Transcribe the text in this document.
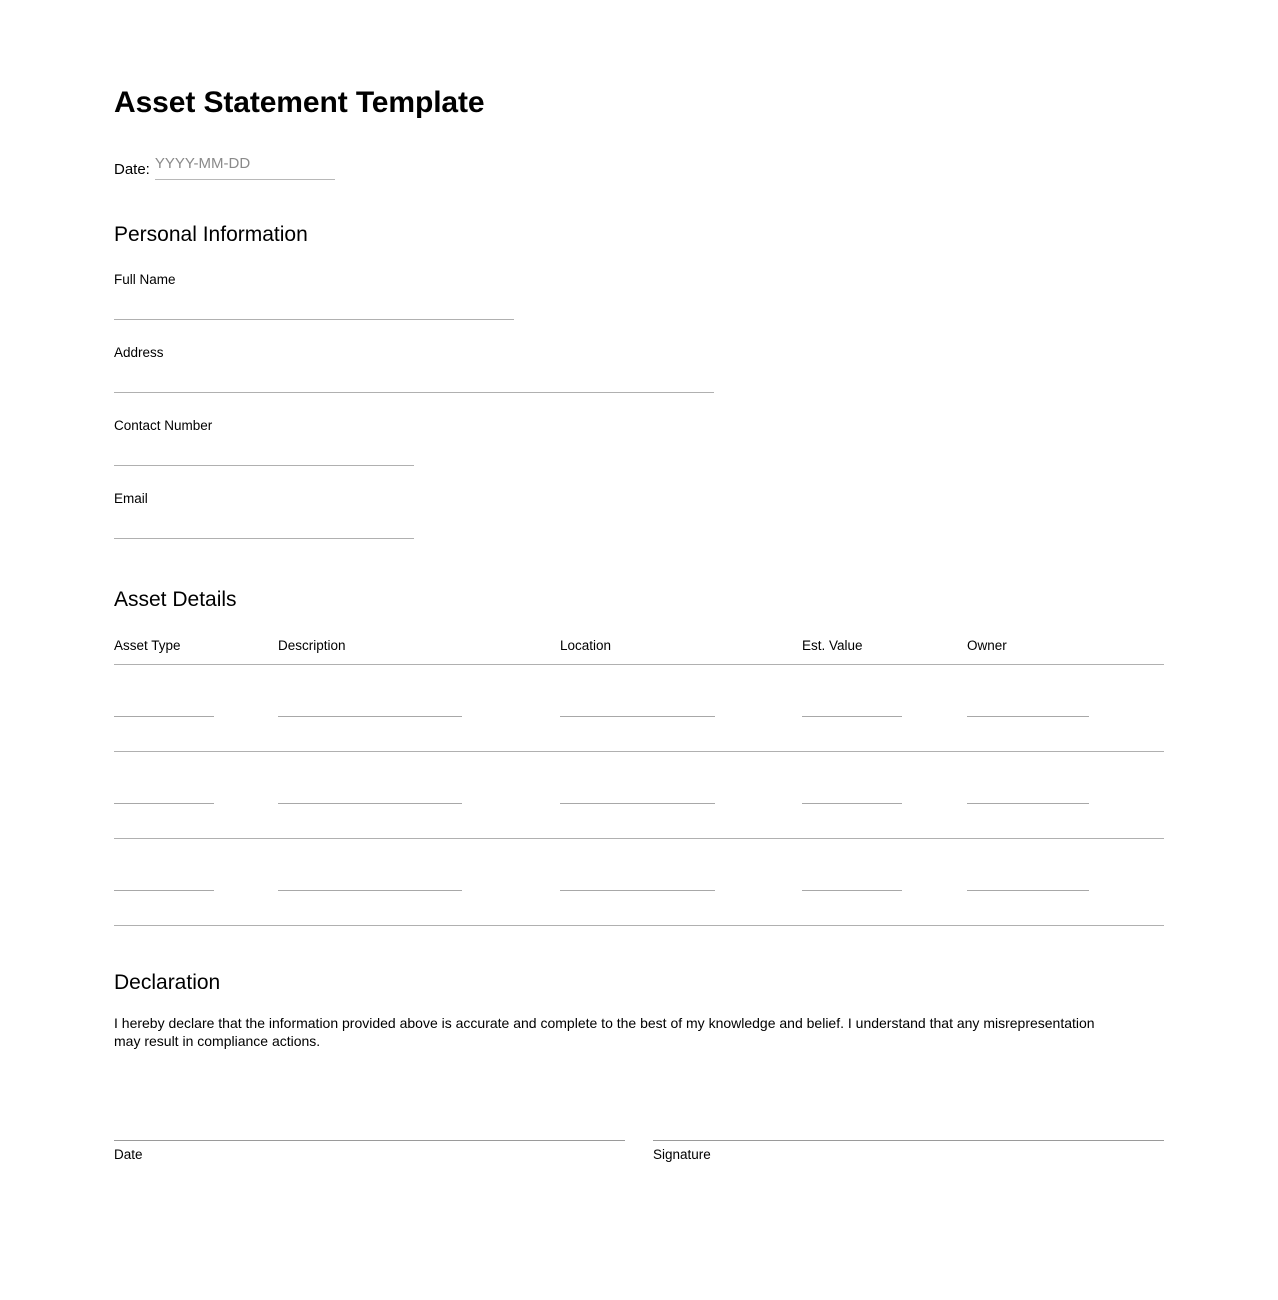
Asset Statement Template
Date: YYYY-MM-DD
Personal Information
Full Name
Address
Contact Number
Email
Asset Details
Asset Type	Description	Location	Est. Value	Owner

Declaration

I hereby declare that the information provided above is accurate and complete to the best of my knowledge and belief. I understand that any misrepresentation may result in compliance actions.

Date	Signature
